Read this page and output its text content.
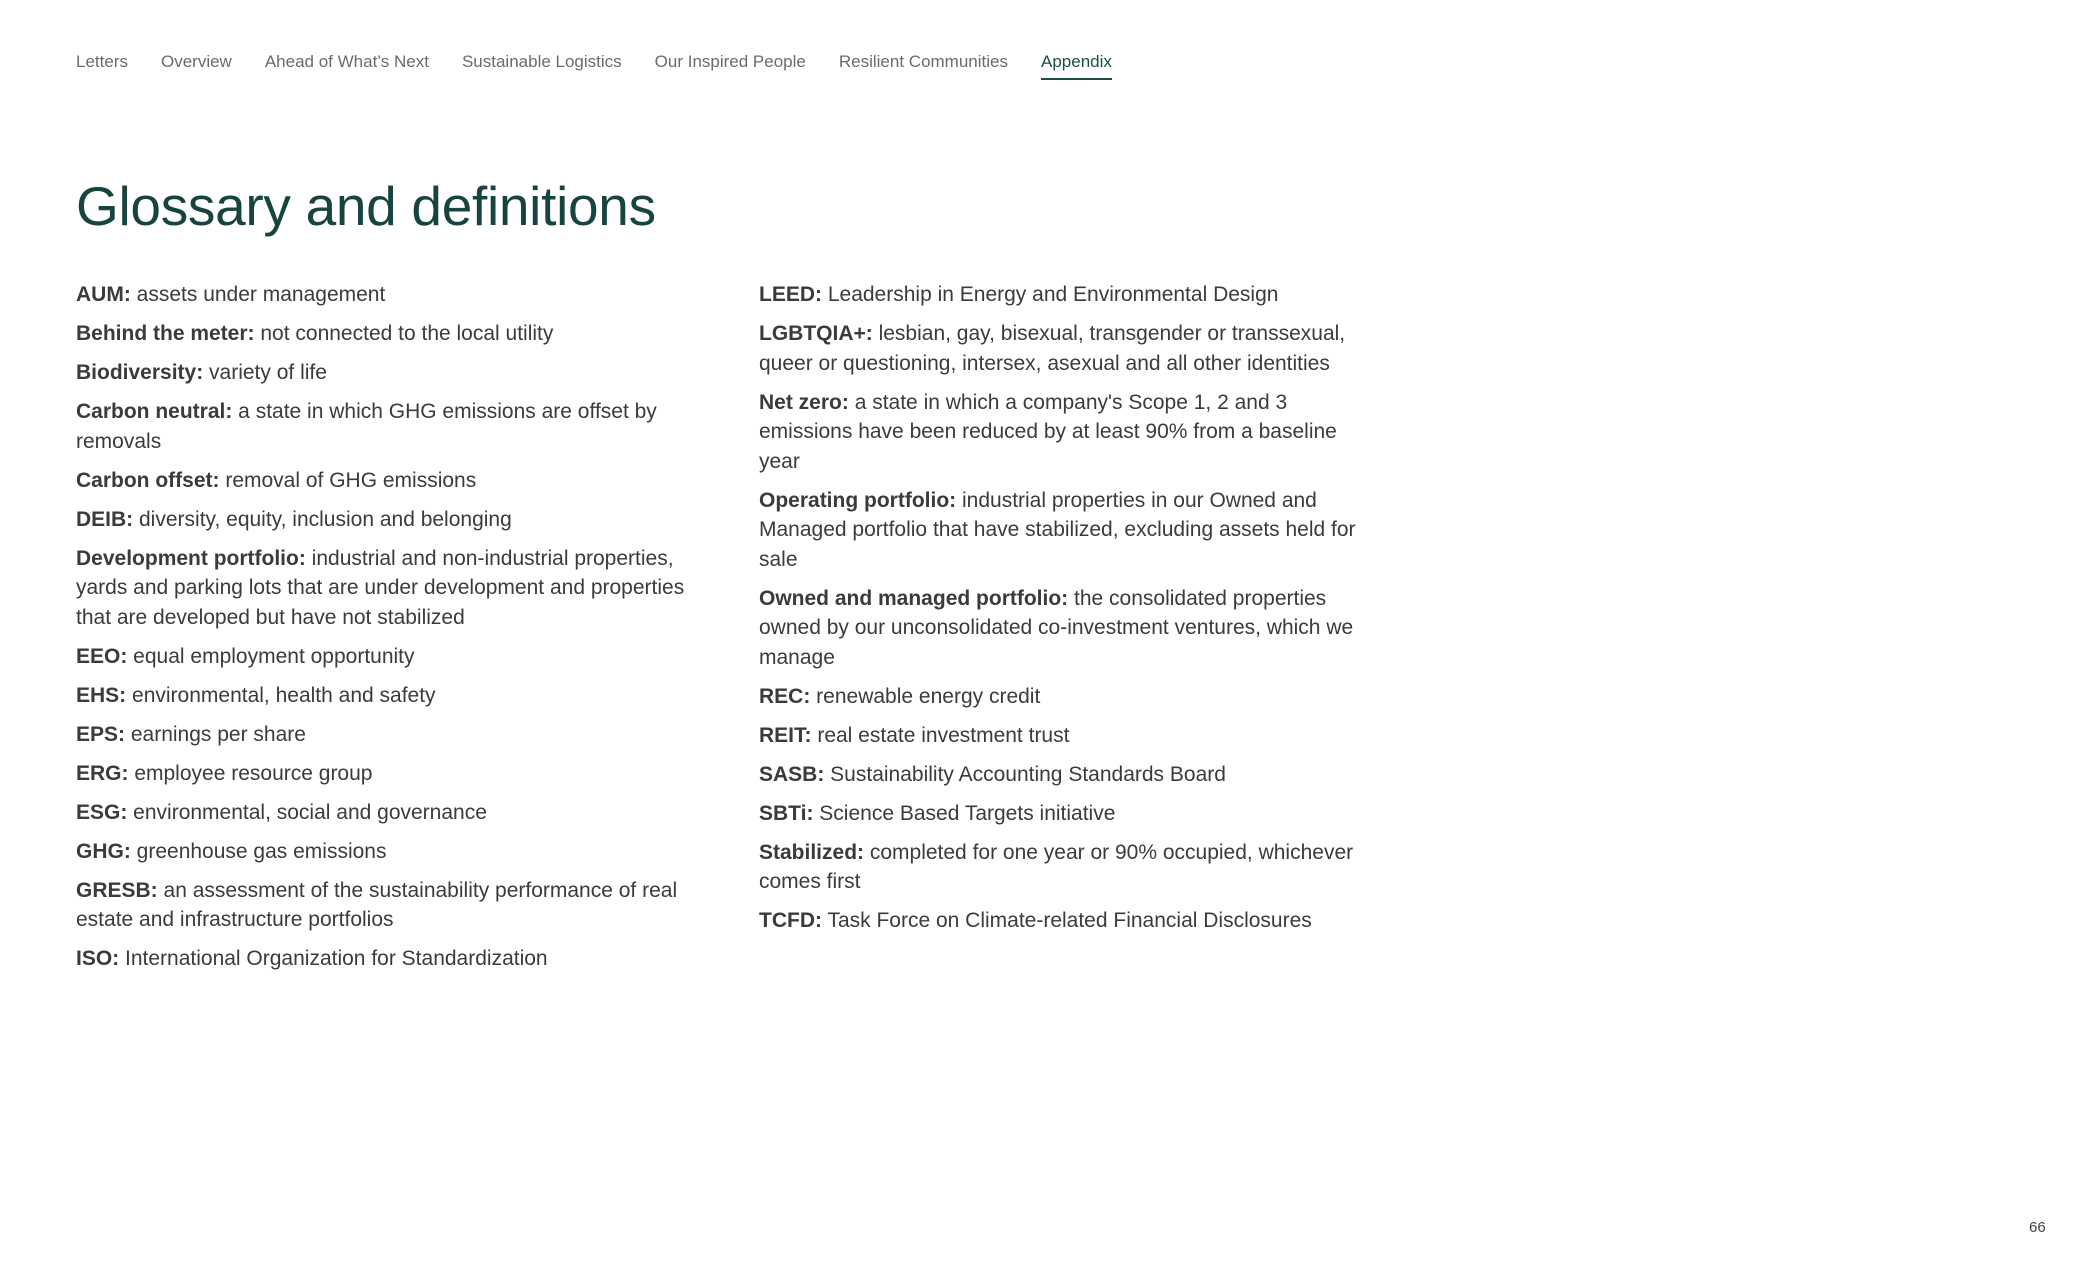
Letters Overview Ahead of What’s Next Sustainable Logistics Our Inspired People Resilient Communities Appendix
Glossary and definitions

AUM: assets under management

Behind the meter: not connected to the local utility

Biodiversity: variety of life

Carbon neutral: a state in which GHG emissions are offset by removals

Carbon offset: removal of GHG emissions

DEIB: diversity, equity, inclusion and belonging

Development portfolio: industrial and non-industrial properties, yards and parking lots that are under development and properties that are developed but have not stabilized

EEO: equal employment opportunity

EHS: environmental, health and safety

EPS: earnings per share

ERG: employee resource group

ESG: environmental, social and governance

GHG: greenhouse gas emissions

GRESB: an assessment of the sustainability performance of real estate and infrastructure portfolios

ISO: International Organization for Standardization

LEED: Leadership in Energy and Environmental Design

LGBTQIA+: lesbian, gay, bisexual, transgender or transsexual, queer or questioning, intersex, asexual and all other identities

Net zero: a state in which a company's Scope 1, 2 and 3 emissions have been reduced by at least 90% from a baseline year

Operating portfolio: industrial properties in our Owned and Managed portfolio that have stabilized, excluding assets held for sale

Owned and managed portfolio: the consolidated properties owned by our unconsolidated co-investment ventures, which we manage

REC: renewable energy credit

REIT: real estate investment trust

SASB: Sustainability Accounting Standards Board

SBTi: Science Based Targets initiative

Stabilized: completed for one year or 90% occupied, whichever comes first

TCFD: Task Force on Climate-related Financial Disclosures

66
